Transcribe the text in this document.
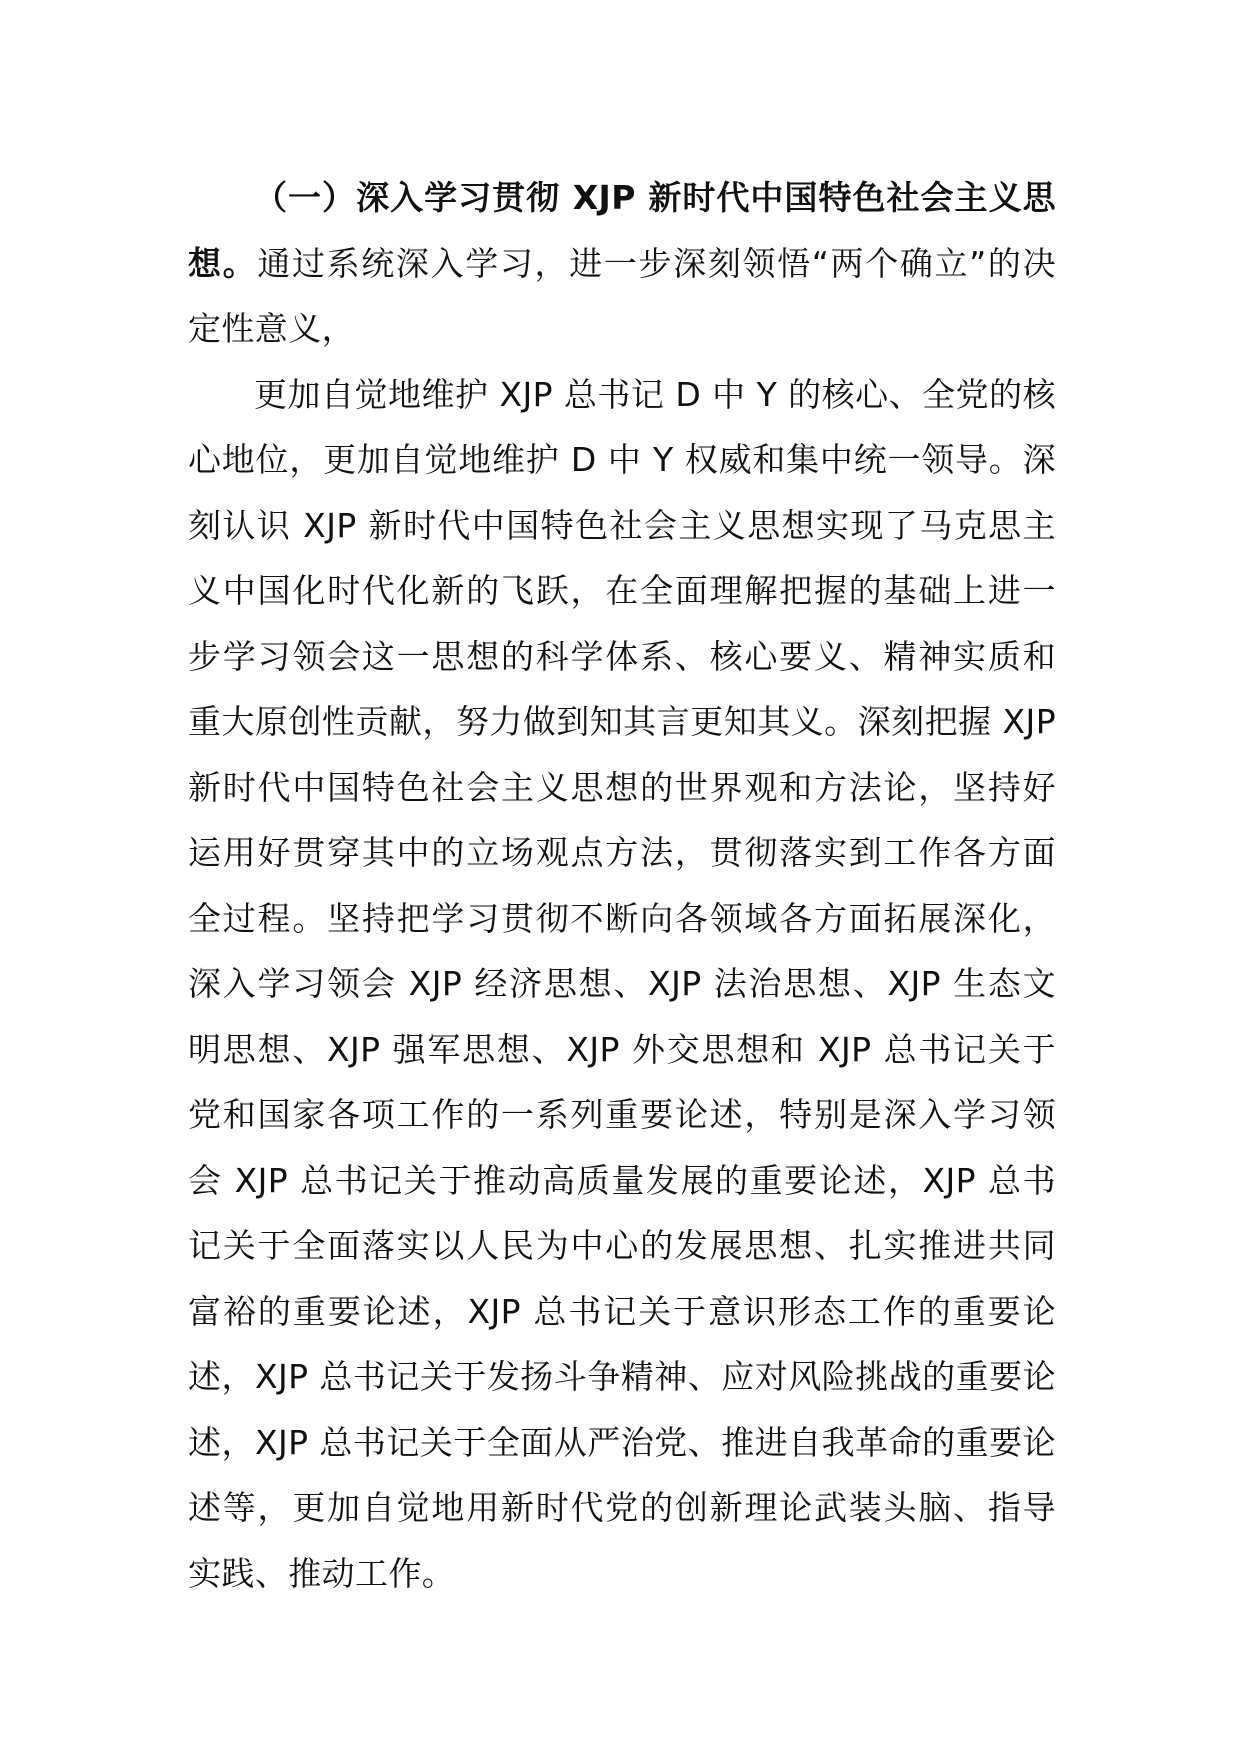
（一）深入学习贯彻 XJP 新时代中国特色社会主义思想。通过系统深入学习，进一步深刻领悟“两个确立”的决定性意义，

更加自觉地维护 XJP 总书记 D 中 Y 的核心、全党的核心地位，更加自觉地维护 D 中 Y 权威和集中统一领导。深刻认识 XJP 新时代中国特色社会主义思想实现了马克思主义中国化时代化新的飞跃，在全面理解把握的基础上进一步学习领会这一思想的科学体系、核心要义、精神实质和重大原创性贡献，努力做到知其言更知其义。深刻把握 XJP 新时代中国特色社会主义思想的世界观和方法论，坚持好运用好贯穿其中的立场观点方法，贯彻落实到工作各方面全过程。坚持把学习贯彻不断向各领域各方面拓展深化，深入学习领会 XJP 经济思想、XJP 法治思想、XJP 生态文明思想、XJP 强军思想、XJP 外交思想和 XJP 总书记关于党和国家各项工作的一系列重要论述，特别是深入学习领会 XJP 总书记关于推动高质量发展的重要论述，XJP 总书记关于全面落实以人民为中心的发展思想、扎实推进共同富裕的重要论述，XJP 总书记关于意识形态工作的重要论述，XJP 总书记关于发扬斗争精神、应对风险挑战的重要论述，XJP 总书记关于全面从严治党、推进自我革命的重要论述等，更加自觉地用新时代党的创新理论武装头脑、指导实践、推动工作。
